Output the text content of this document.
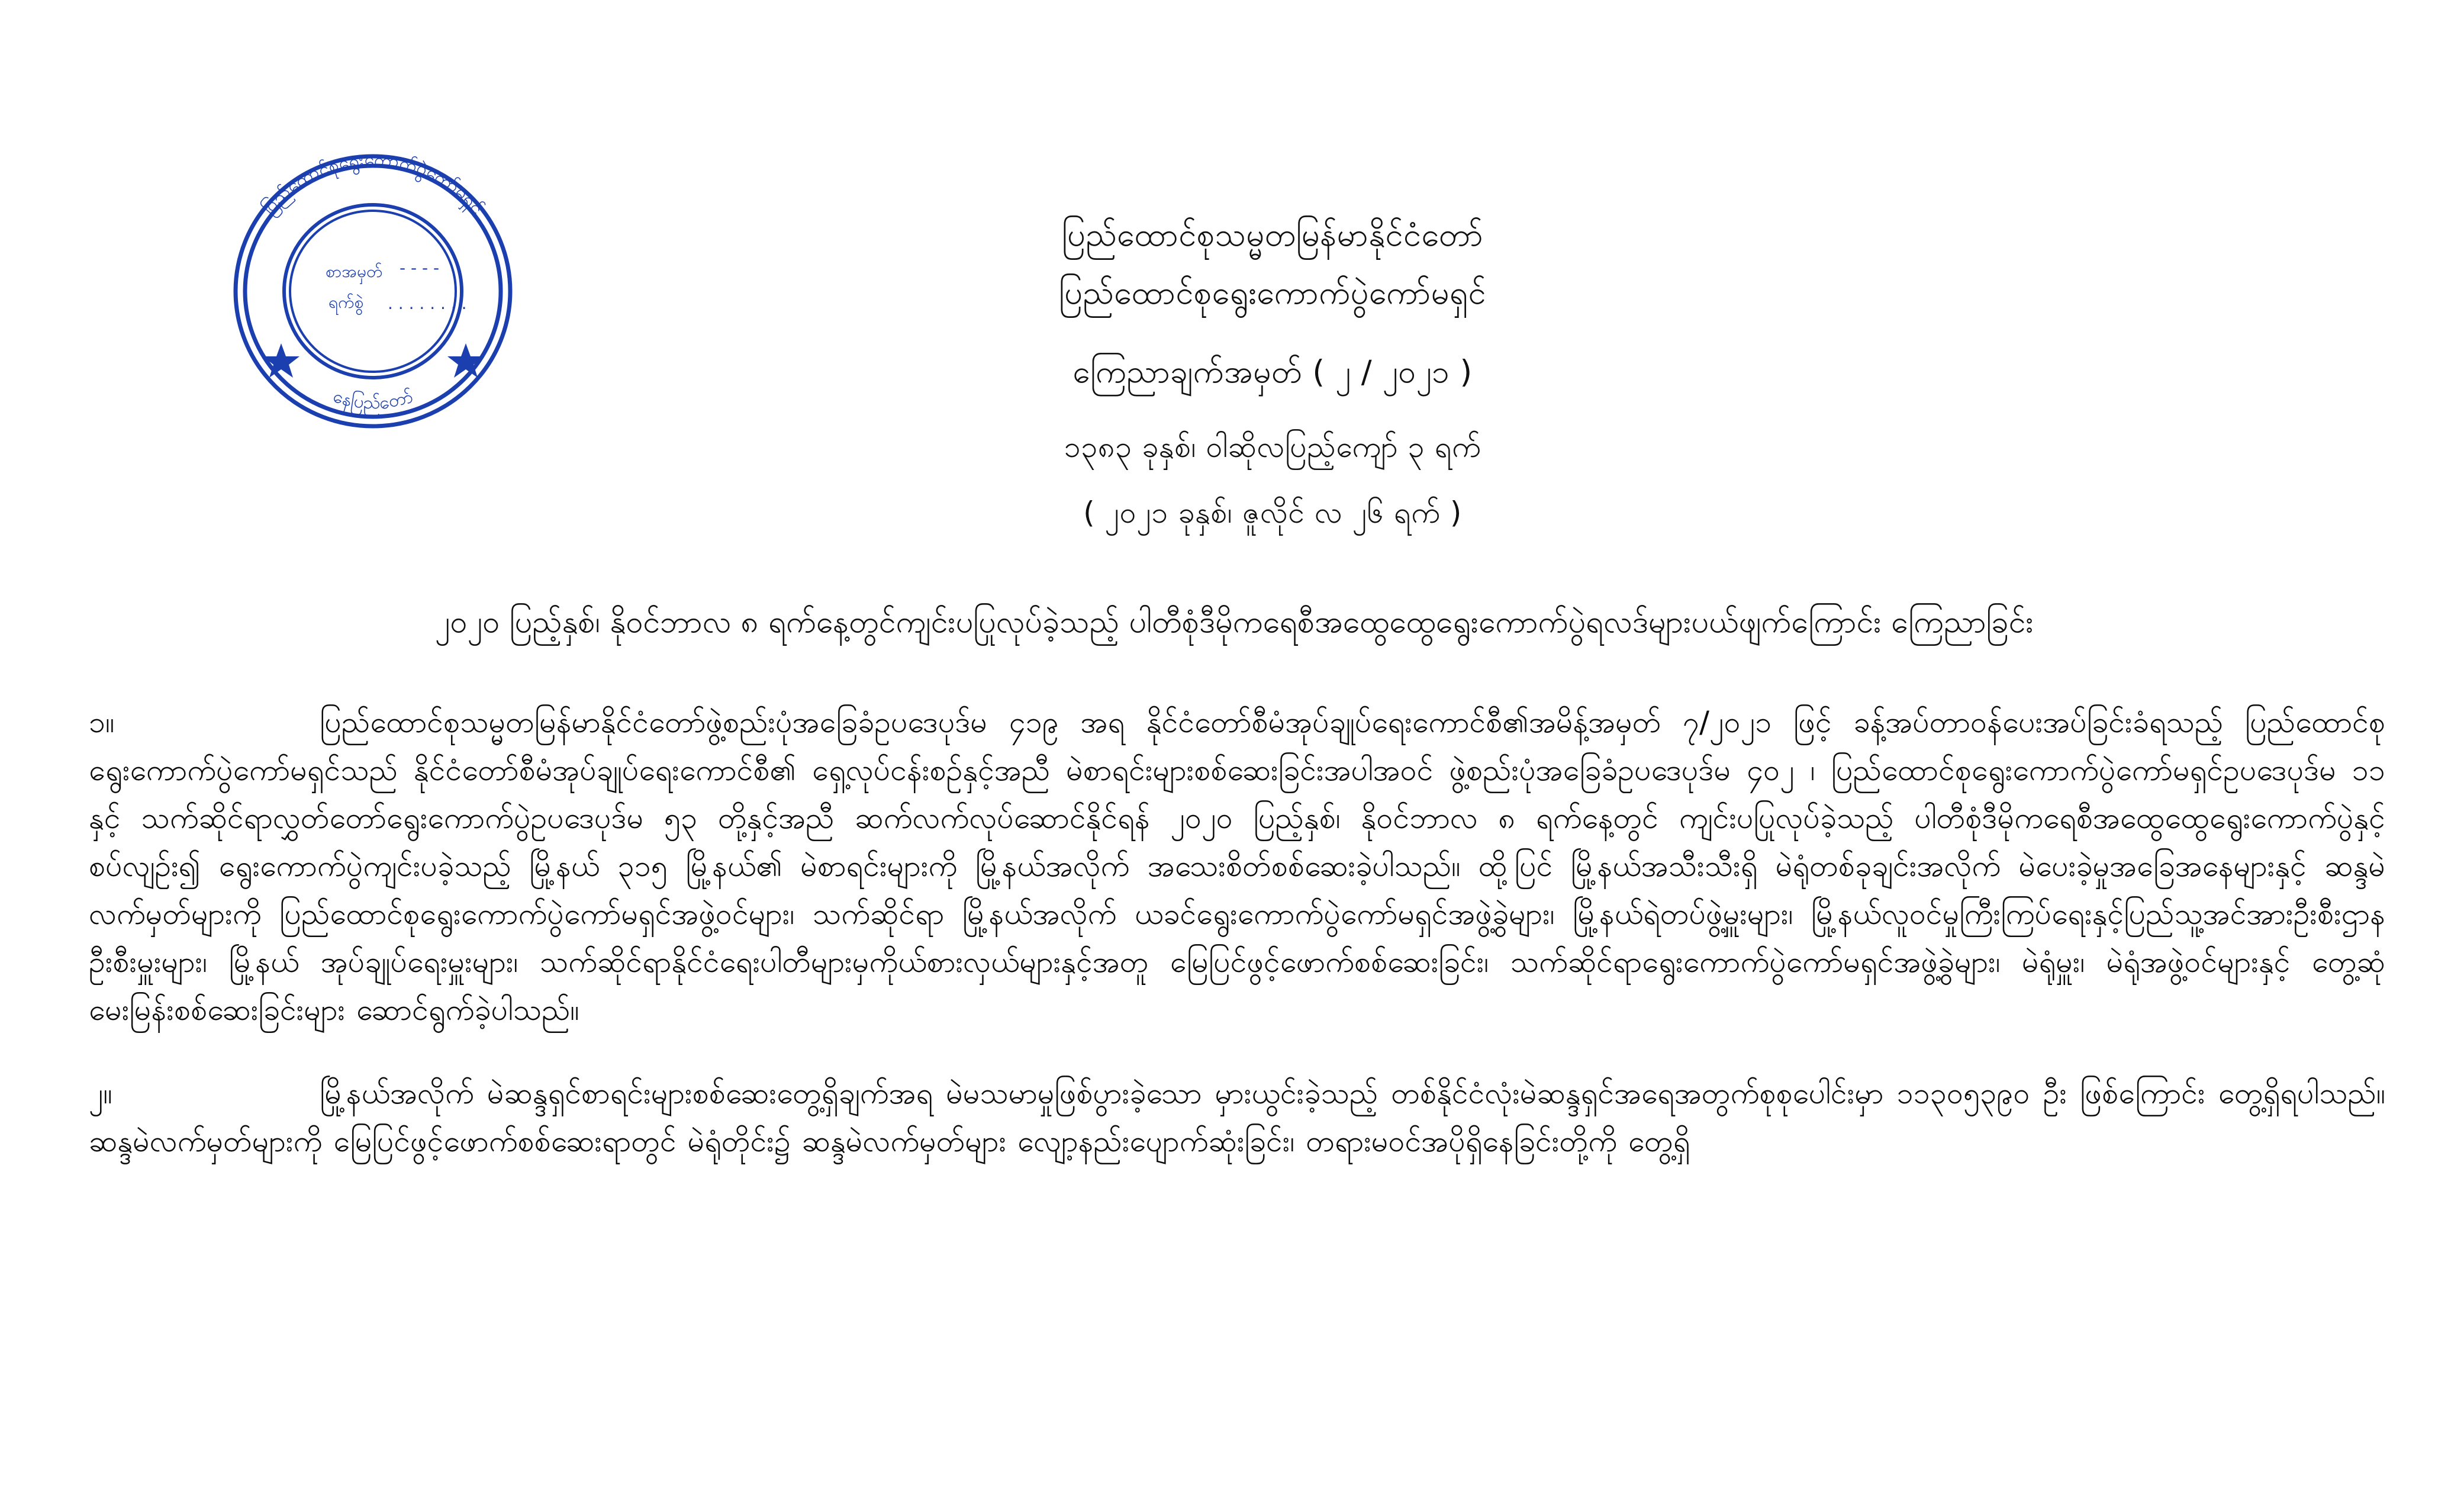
ပြည်ထောင်စုရွေးကောက်ပွဲကော်မရှင်
နေပြည်တော်
စာအမှတ် - - - -
ရက်စွဲ . . . . . . . .
ပြည်ထောင်စုသမ္မတမြန်မာနိုင်ငံတော်
ပြည်ထောင်စုရွေးကောက်ပွဲကော်မရှင်
ကြေညာချက်အမှတ် ( ၂ / ၂၀၂၁ )
၁၃၈၃ ခုနှစ်၊ ဝါဆိုလပြည့်ကျော် ၃ ရက်
( ၂၀၂၁ ခုနှစ်၊ ဇူလိုင် လ ၂၆ ရက် )
၂၀၂၀ ပြည့်နှစ်၊ နိုဝင်ဘာလ ၈ ရက်နေ့တွင်ကျင်းပပြုလုပ်ခဲ့သည့် ပါတီစုံဒီမိုကရေစီအထွေထွေရွေးကောက်ပွဲရလဒ်များပယ်ဖျက်ကြောင်း ကြေညာခြင်း
၁။	ပြည်ထောင်စုသမ္မတမြန်မာနိုင်ငံတော်ဖွဲ့စည်းပုံအခြေခံဥပဒေပုဒ်မ ၄၁၉ အရ နိုင်ငံတော်စီမံအုပ်ချုပ်ရေးကောင်စီ၏အမိန့်အမှတ် ၇/၂၀၂၁ ဖြင့် ခန့်အပ်တာဝန်ပေးအပ်ခြင်းခံရသည့် ပြည်ထောင်စုရွေးကောက်ပွဲကော်မရှင်သည် နိုင်ငံတော်စီမံအုပ်ချုပ်ရေးကောင်စီ၏ ရှေ့လုပ်ငန်းစဉ်နှင့်အညီ မဲစာရင်းများစစ်ဆေးခြင်းအပါအဝင် ဖွဲ့စည်းပုံအခြေခံဥပဒေပုဒ်မ ၄၀၂ ၊ ပြည်ထောင်စုရွေးကောက်ပွဲကော်မရှင်ဥပဒေပုဒ်မ ၁၁ နှင့် သက်ဆိုင်ရာလွှတ်တော်ရွေးကောက်ပွဲဥပဒေပုဒ်မ ၅၃ တို့နှင့်အညီ ဆက်လက်လုပ်ဆောင်နိုင်ရန် ၂၀၂၀ ပြည့်နှစ်၊ နိုဝင်ဘာလ ၈ ရက်နေ့တွင် ကျင်းပပြုလုပ်ခဲ့သည့် ပါတီစုံဒီမိုကရေစီအထွေထွေရွေးကောက်ပွဲနှင့်စပ်လျဉ်း၍ ရွေးကောက်ပွဲကျင်းပခဲ့သည့် မြို့နယ် ၃၁၅ မြို့နယ်၏ မဲစာရင်းများကို မြို့နယ်အလိုက် အသေးစိတ်စစ်ဆေးခဲ့ပါသည်။ ထို့ပြင် မြို့နယ်အသီးသီးရှိ မဲရုံတစ်ခုချင်းအလိုက် မဲပေးခဲ့မှုအခြေအနေများနှင့် ဆန္ဒမဲလက်မှတ်များကို ပြည်ထောင်စုရွေးကောက်ပွဲကော်မရှင်အဖွဲ့ဝင်များ၊ သက်ဆိုင်ရာ မြို့နယ်အလိုက် ယခင်ရွေးကောက်ပွဲကော်မရှင်အဖွဲ့ခွဲများ၊ မြို့နယ်ရဲတပ်ဖွဲ့မှူးများ၊ မြို့နယ်လူဝင်မှုကြီးကြပ်ရေးနှင့်ပြည်သူ့အင်အားဦးစီးဌာနဦးစီးမှူးများ၊ မြို့နယ် အုပ်ချုပ်ရေးမှူးများ၊ သက်ဆိုင်ရာနိုင်ငံရေးပါတီများမှကိုယ်စားလှယ်များနှင့်အတူ မြေပြင်ဖွင့်ဖောက်စစ်ဆေးခြင်း၊ သက်ဆိုင်ရာရွေးကောက်ပွဲကော်မရှင်အဖွဲ့ခွဲများ၊ မဲရုံမှူး၊ မဲရုံအဖွဲ့ဝင်များနှင့် တွေ့ဆုံမေးမြန်းစစ်ဆေးခြင်းများ ဆောင်ရွက်ခဲ့ပါသည်။
၂။	မြို့နယ်အလိုက် မဲဆန္ဒရှင်စာရင်းများစစ်ဆေးတွေ့ရှိချက်အရ မဲမသမာမှုဖြစ်ပွားခဲ့သော မှားယွင်းခဲ့သည့် တစ်နိုင်ငံလုံးမဲဆန္ဒရှင်အရေအတွက်စုစုပေါင်းမှာ ၁၁၃၀၅၃၉၀ ဦး ဖြစ်ကြောင်း တွေ့ရှိရပါသည်။ ဆန္ဒမဲလက်မှတ်များကို မြေပြင်ဖွင့်ဖောက်စစ်ဆေးရာတွင် မဲရုံတိုင်း၌ ဆန္ဒမဲလက်မှတ်များ လျော့နည်းပျောက်ဆုံးခြင်း၊ တရားမဝင်အပိုရှိနေခြင်းတို့ကို တွေ့ရှိ
